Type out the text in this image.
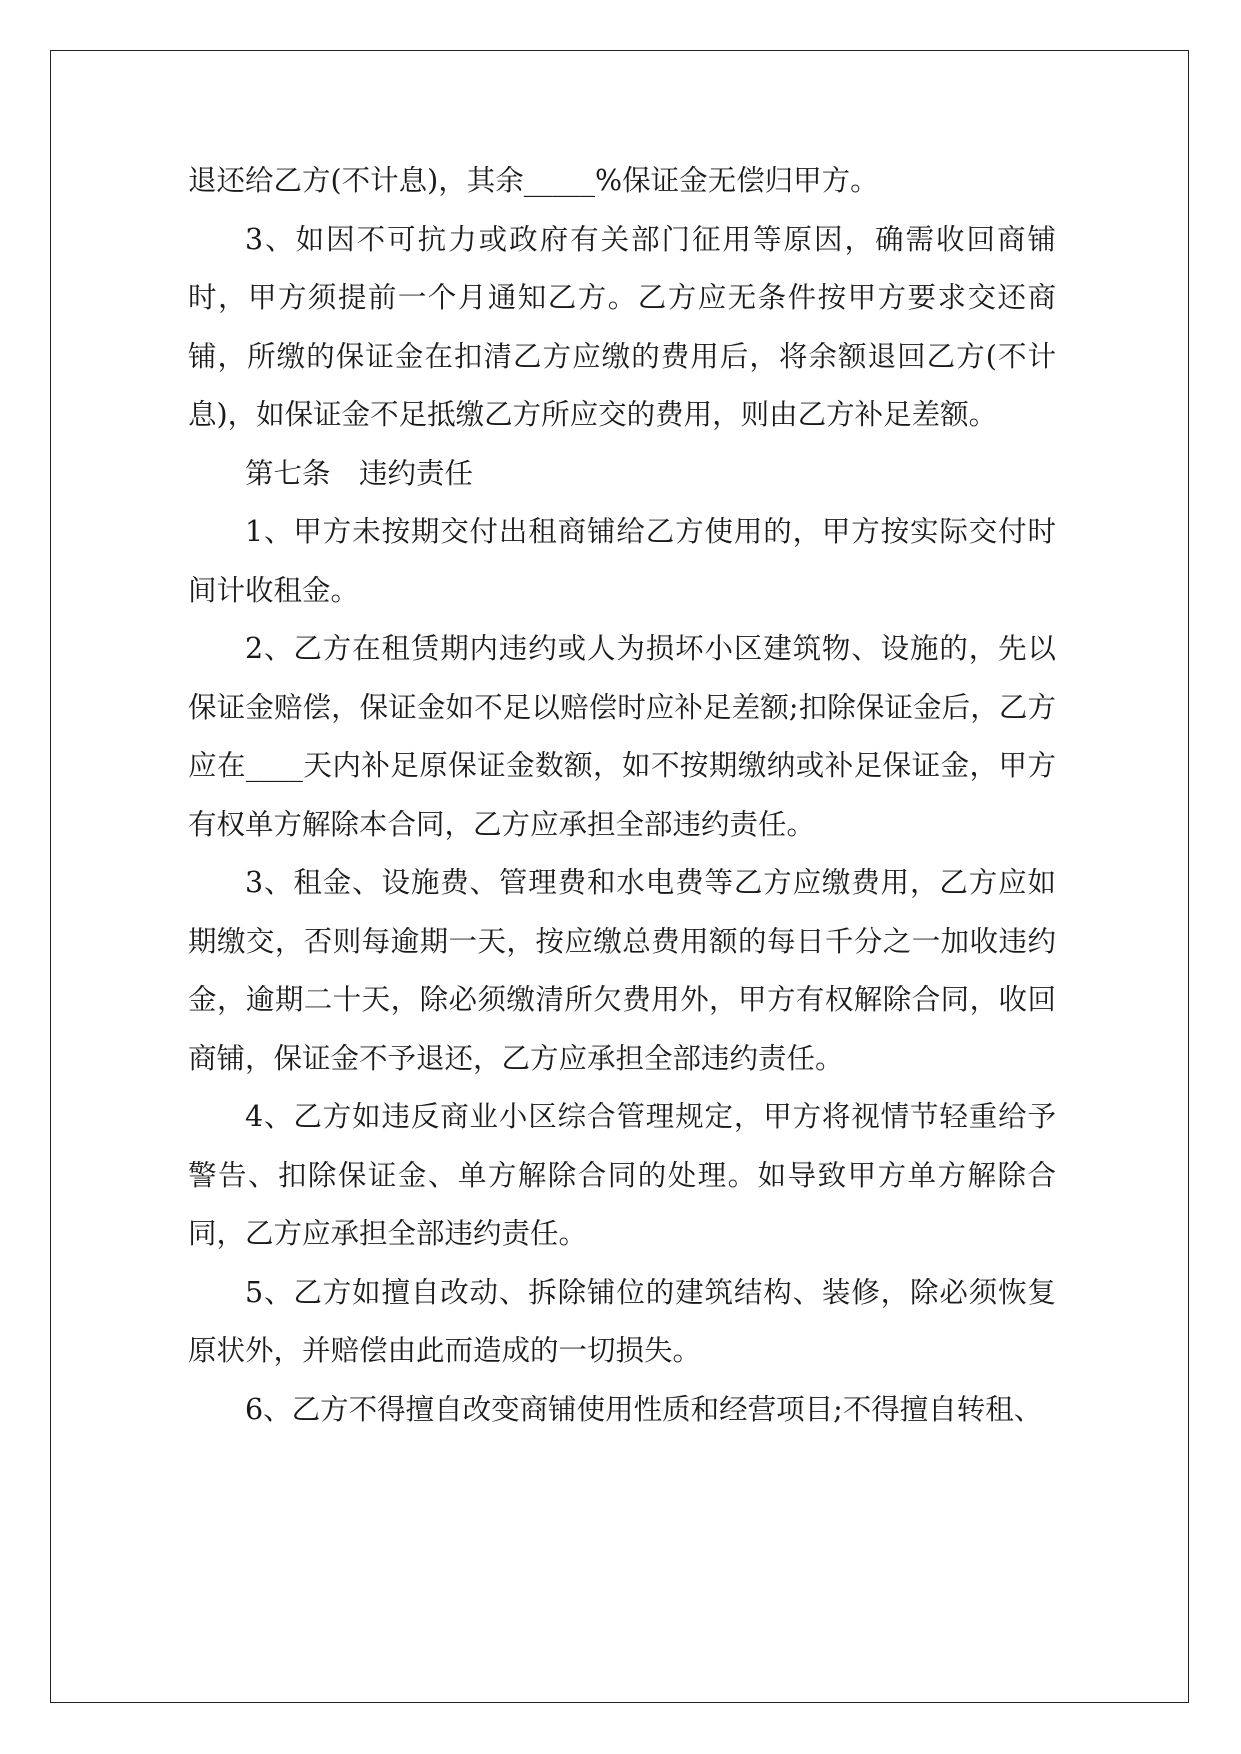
退还给乙方(不计息)，其余_____%保证金无偿归甲方。

3、如因不可抗力或政府有关部门征用等原因，确需收回商铺时，甲方须提前一个月通知乙方。乙方应无条件按甲方要求交还商铺，所缴的保证金在扣清乙方应缴的费用后，将余额退回乙方(不计息)，如保证金不足抵缴乙方所应交的费用，则由乙方补足差额。

第七条　违约责任

1、甲方未按期交付出租商铺给乙方使用的，甲方按实际交付时间计收租金。

2、乙方在租赁期内违约或人为损坏小区建筑物、设施的，先以保证金赔偿，保证金如不足以赔偿时应补足差额;扣除保证金后，乙方应在____天内补足原保证金数额，如不按期缴纳或补足保证金，甲方有权单方解除本合同，乙方应承担全部违约责任。

3、租金、设施费、管理费和水电费等乙方应缴费用，乙方应如期缴交，否则每逾期一天，按应缴总费用额的每日千分之一加收违约金，逾期二十天，除必须缴清所欠费用外，甲方有权解除合同，收回商铺，保证金不予退还，乙方应承担全部违约责任。

4、乙方如违反商业小区综合管理规定，甲方将视情节轻重给予警告、扣除保证金、单方解除合同的处理。如导致甲方单方解除合同，乙方应承担全部违约责任。

5、乙方如擅自改动、拆除铺位的建筑结构、装修，除必须恢复原状外，并赔偿由此而造成的一切损失。

6、乙方不得擅自改变商铺使用性质和经营项目;不得擅自转租、
